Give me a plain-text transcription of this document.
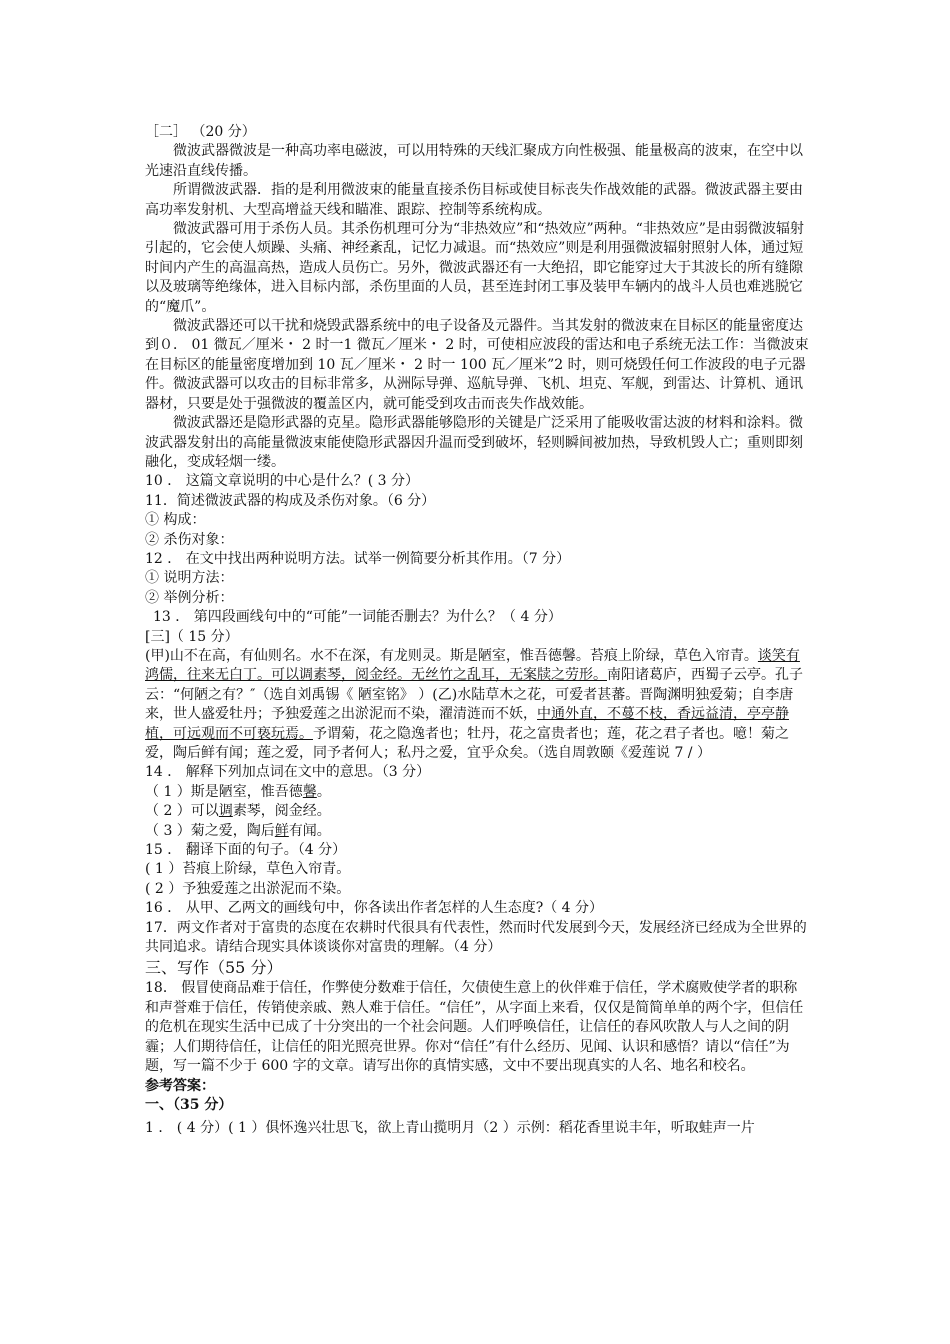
［二］ （20 分）

微波武器微波是一种高功率电磁波，可以用特殊的天线汇聚成方向性极强、能量极高的波束，在空中以光速沿直线传播。

所谓微波武器．指的是利用微波束的能量直接杀伤目标或使目标丧失作战效能的武器。微波武器主要由高功率发射机、大型高增益天线和瞄准、跟踪、控制等系统构成。

微波武器可用于杀伤人员。其杀伤机理可分为“非热效应”和“热效应”两种。“非热效应”是由弱微波辐射引起的，它会使人烦躁、头痛、神经紊乱，记忆力减退。而“热效应”则是利用强微波辐射照射人体，通过短时间内产生的高温高热，造成人员伤亡。另外，微波武器还有一大绝招，即它能穿过大于其波长的所有缝隙以及玻璃等绝缘体，进入目标内部，杀伤里面的人员，甚至连封闭工事及装甲车辆内的战斗人员也难逃脱它的“魔爪”。

微波武器还可以干扰和烧毁武器系统中的电子设备及元器件。当其发射的微波束在目标区的能量密度达到０． 01 微瓦／厘米・ 2 时一1 微瓦／厘米・ 2 时，可使相应波段的雷达和电子系统无法工作：当微波束在目标区的能量密度增加到 10 瓦／厘米・ 2 时一 100 瓦／厘米”2 时，则可烧毁任何工作波段的电子元器件。微波武器可以攻击的目标非常多，从洲际导弹、巡航导弹、飞机、坦克、军舰，到雷达、计算机、通讯器材，只要是处于强微波的覆盖区内，就可能受到攻击而丧失作战效能。

微波武器还是隐形武器的克星。隐形武器能够隐形的关键是广泛采用了能吸收雷达波的材料和涂料。微波武器发射出的高能量微波束能使隐形武器因升温而受到破坏，轻则瞬间被加热，导致机毁人亡；重则即刻融化，变成轻烟一缕。

10 ． 这篇文章说明的中心是什么？( 3 分）

11．简述微波武器的构成及杀伤对象。（6 分）

① 构成：

② 杀伤对象：

12 ． 在文中找出两种说明方法。试举一例简要分析其作用。（7 分）

① 说明方法：

② 举例分析：

13 ． 第四段画线句中的“可能”一词能否删去？为什么？（ 4 分）

[三]（ 15 分）

(甲)山不在高，有仙则名。水不在深，有龙则灵。斯是陋室，惟吾德馨。苔痕上阶绿，草色入帘青。谈笑有鸿儒，往来无白丁。可以调素琴，阅金经。无丝竹之乱耳，无案牍之劳形。南阳诸葛庐，西蜀子云亭。孔子云：“何陋之有？″（选自刘禹锡《 陋室铭》 ）(乙)水陆草木之花，可爱者甚蕃。晋陶渊明独爱菊；自李唐来，世人盛爱牡丹；予独爱莲之出淤泥而不染，濯清涟而不妖，中通外直，不蔓不枝，香远益清，亭亭静植，可远观而不可亵玩焉。予谓菊，花之隐逸者也；牡丹，花之富贵者也；莲，花之君子者也。噫！菊之爱，陶后鲜有闻；莲之爱，同予者何人；私丹之爱，宜乎众矣。（选自周敦颐《爱莲说 7 / ）

14 ． 解释下列加点词在文中的意思。（3 分）

（ 1 ）斯是陋室，惟吾德馨。

（ 2 ）可以调素琴，阅金经。

（ 3 ）菊之爱，陶后鲜有闻。

15 ． 翻译下面的句子。（4 分）

( 1 ）苔痕上阶绿，草色入帘青。

( 2 ）予独爱莲之出淤泥而不染。

16 ． 从甲、乙两文的画线句中，你各读出作者怎样的人生态度?（ 4 分）

17．两文作者对于富贵的态度在农耕时代很具有代表性，然而时代发展到今天，发展经济已经成为全世界的共同追求。请结合现实具体谈谈你对富贵的理解。（4 分）

三、写作（55 分）

18． 假冒使商品难于信任，作弊使分数难于信任，欠债使生意上的伙伴难于信任，学术腐败使学者的职称和声誉难于信任，传销使亲戚、熟人难于信任。“信任”，从字面上来看，仅仅是简简单单的两个字，但信任的危机在现实生活中已成了十分突出的一个社会问题。人们呼唤信任，让信任的春风吹散人与人之间的阴霾；人们期待信任，让信任的阳光照亮世界。你对“信任”有什么经历、见闻、认识和感悟？请以“信任”为题，写一篇不少于 600 字的文章。请写出你的真情实感，文中不要出现真实的人名、地名和校名。

参考答案：

一、（35 分）

1 ． ( 4 分）( 1 ）俱怀逸兴壮思飞，欲上青山揽明月（2 ）示例：稻花香里说丰年，听取蛙声一片
